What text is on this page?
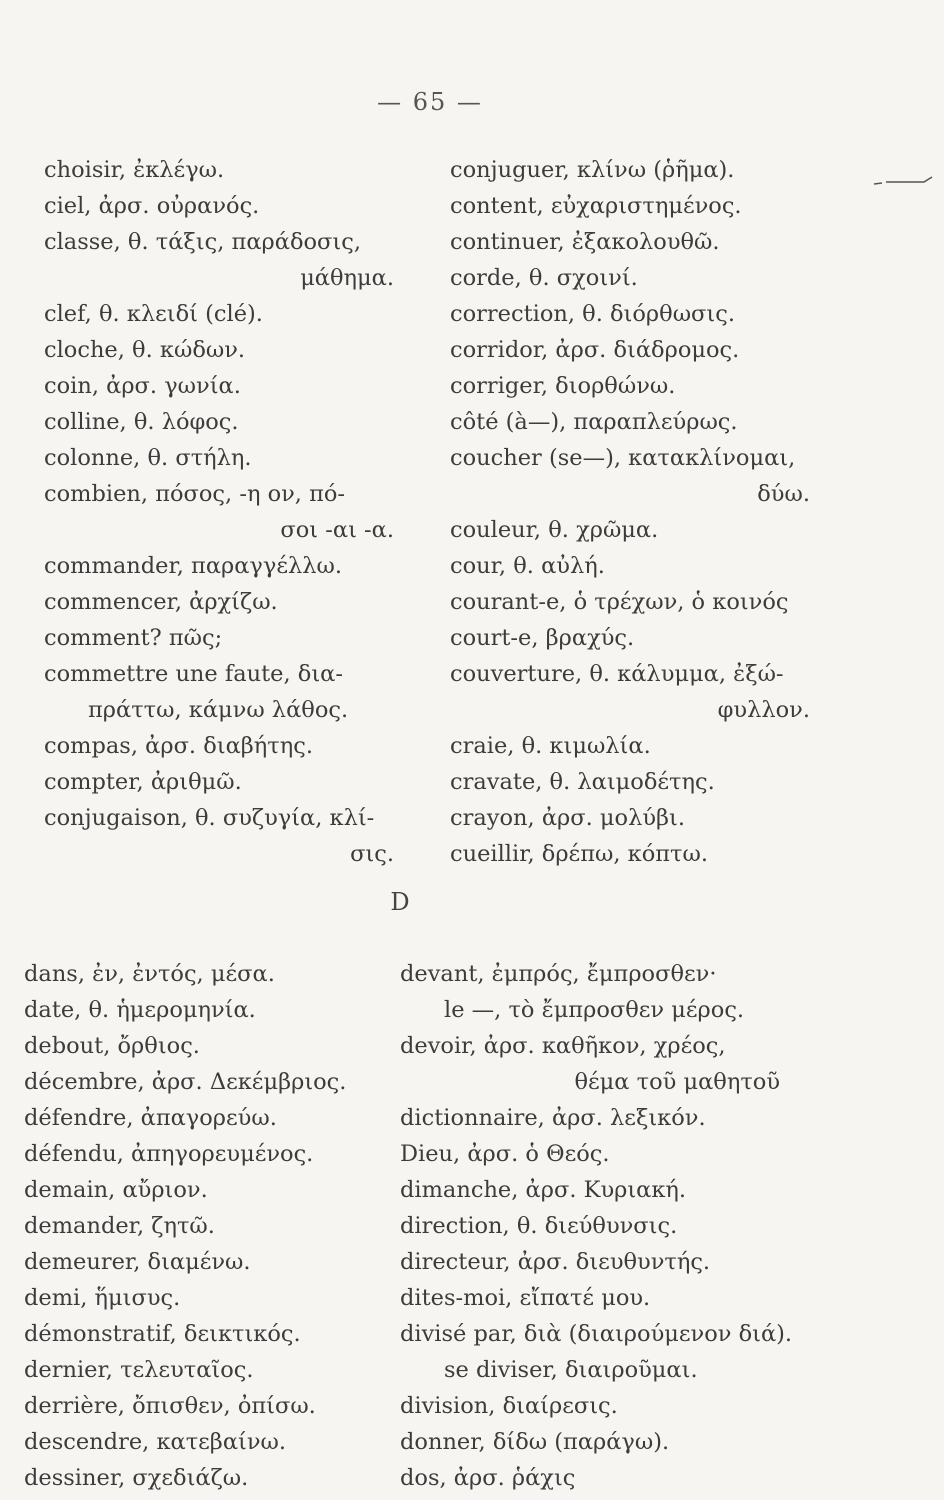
— 65 —
choisir, ἐκλέγω.
ciel, ἀρσ. οὐρανός.
classe, θ. τάξις, παράδοσις,
μάθημα.
clef, θ. κλειδί (clé).
cloche, θ. κώδων.
coin, ἀρσ. γωνία.
colline, θ. λόφος.
colonne, θ. στήλη.
combien, πόσος, -η ον, πό-
σοι -αι -α.
commander, παραγγέλλω.
commencer, ἀρχίζω.
comment? πῶς;
commettre une faute, δια-
πράττω, κάμνω λάθος.
compas, ἀρσ. διαβήτης.
compter, ἀριθμῶ.
conjugaison, θ. συζυγία, κλί-
σις.
conjuguer, κλίνω (ῥῆμα).
content, εὐχαριστημένος.
continuer, ἐξακολουθῶ.
corde, θ. σχοινί.
correction, θ. διόρθωσις.
corridor, ἀρσ. διάδρομος.
corriger, διορθώνω.
côté (à—), παραπλεύρως.
coucher (se—), κατακλίνομαι,
δύω.
couleur, θ. χρῶμα.
cour, θ. αὐλή.
courant-e, ὁ τρέχων, ὁ κοινός
court-e, βραχύς.
couverture, θ. κάλυμμα, ἐξώ-
φυλλον.
craie, θ. κιμωλία.
cravate, θ. λαιμοδέτης.
crayon, ἀρσ. μολύβι.
cueillir, δρέπω, κόπτω.
D
dans, ἐν, ἐντός, μέσα.
date, θ. ἡμερομηνία.
debout, ὄρθιος.
décembre, ἀρσ. Δεκέμβριος.
défendre, ἀπαγορεύω.
défendu, ἀπηγορευμένος.
demain, αὔριον.
demander, ζητῶ.
demeurer, διαμένω.
demi, ἥμισυς.
démonstratif, δεικτικός.
dernier, τελευταῖος.
derrière, ὄπισθεν, ὀπίσω.
descendre, κατεβαίνω.
dessiner, σχεδιάζω.
devant, ἐμπρός, ἔμπροσθεν·
le —, τὸ ἔμπροσθεν μέρος.
devoir, ἀρσ. καθῆκον, χρέος,
θέμα τοῦ μαθητοῦ
dictionnaire, ἀρσ. λεξικόν.
Dieu, ἀρσ. ὁ Θεός.
dimanche, ἀρσ. Κυριακή.
direction, θ. διεύθυνσις.
directeur, ἀρσ. διευθυντής.
dites-moi, εἴπατέ μου.
divisé par, διὰ (διαιρούμενον διά).
se diviser, διαιροῦμαι.
division, διαίρεσις.
donner, δίδω (παράγω).
dos, ἀρσ. ῥάχις
